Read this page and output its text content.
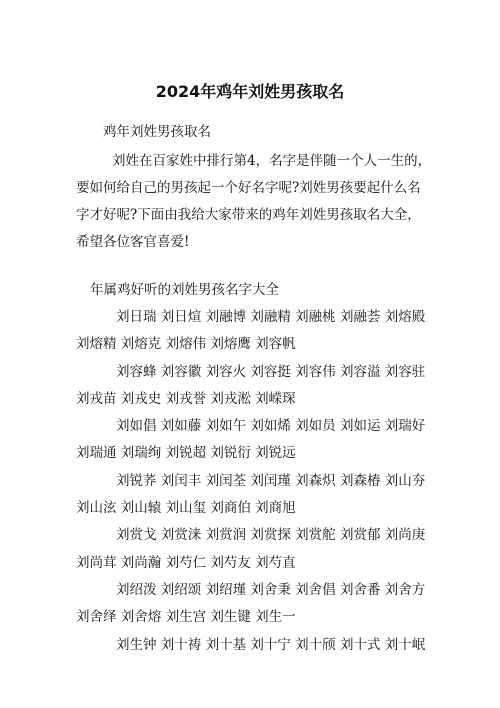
2024年鸡年刘姓男孩取名
鸡年刘姓男孩取名
刘姓在百家姓中排行第4，名字是伴随一个人一生的，
要如何给自己的男孩起一个好名字呢?刘姓男孩要起什么名
字才好呢?下面由我给大家带来的鸡年刘姓男孩取名大全，
希望各位客官喜爱!
年属鸡好听的刘姓男孩名字大全
刘日瑞 刘日煊 刘融博 刘融精 刘融桃 刘融荟 刘熔殿
刘熔精 刘熔克 刘熔伟 刘熔鹰 刘容帆
刘容蜂 刘容徽 刘容火 刘容挺 刘容伟 刘容溢 刘容驻
刘戎苗 刘戎史 刘戎誉 刘戎淞 刘嵘琛
刘如倡 刘如藤 刘如午 刘如烯 刘如员 刘如运 刘瑞好
刘瑞通 刘瑞绚 刘锐超 刘锐衍 刘锐远
刘锐荞 刘闰丰 刘闰荃 刘闰瑾 刘森炽 刘森椿 刘山夯
刘山泫 刘山辕 刘山玺 刘商伯 刘商旭
刘赏戈 刘赏涞 刘赏润 刘赏探 刘赏舵 刘赏郁 刘尚庚
刘尚茸 刘尚瀚 刘芍仁 刘芍友 刘芍直
刘绍泼 刘绍颂 刘绍瑾 刘舍秉 刘舍倡 刘舍番 刘舍方
刘舍绎 刘舍熔 刘生宫 刘生键 刘生一
刘生钟 刘十祷 刘十基 刘十宁 刘十颀 刘十式 刘十岷
